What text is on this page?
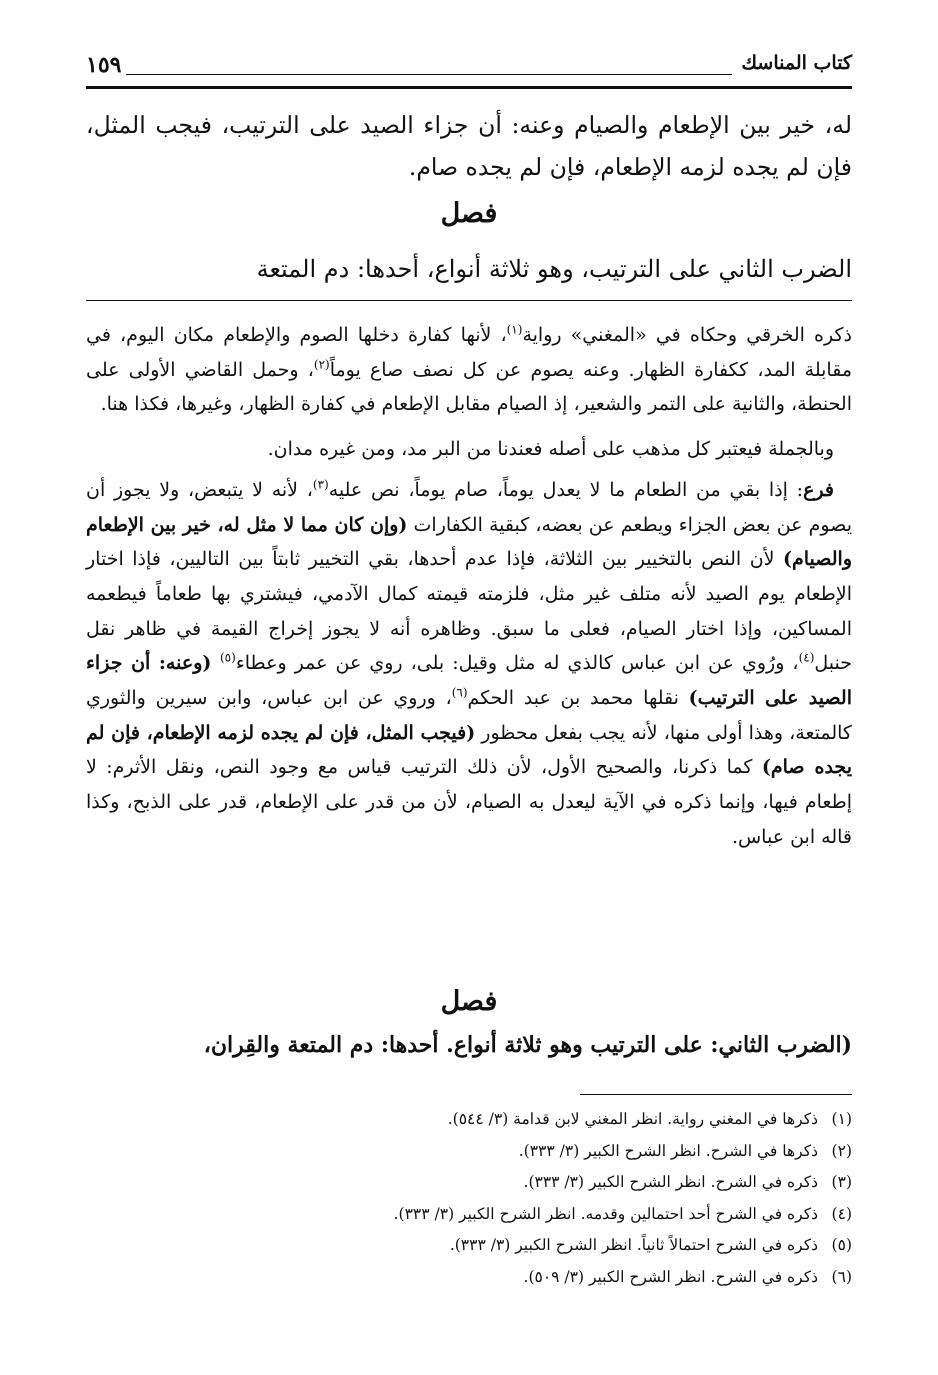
كتاب المناسك
١٥٩
له، خير بين الإطعام والصيام وعنه: أن جزاء الصيد على الترتيب، فيجب المثل، فإن لم يجده لزمه الإطعام، فإن لم يجده صام.
فصل
الضرب الثاني على الترتيب، وهو ثلاثة أنواع، أحدها: دم المتعة

ذكره الخرقي وحكاه في «المغني» رواية$^{(١)}$، لأنها كفارة دخلها الصوم والإطعام مكان اليوم، في مقابلة المد، ككفارة الظهار. وعنه يصوم عن كل نصف صاع يوماً$^{(٢)}$، وحمل القاضي الأولى على الحنطة، والثانية على التمر والشعير، إذ الصيام مقابل الإطعام في كفارة الظهار، وغيرها، فكذا هنا.

وبالجملة فيعتبر كل مذهب على أصله فعندنا من البر مد، ومن غيره مدان.

فرع: إذا بقي من الطعام ما لا يعدل يوماً، صام يوماً، نص عليه$^{(٣)}$، لأنه لا يتبعض، ولا يجوز أن يصوم عن بعض الجزاء ويطعم عن بعضه، كبقية الكفارات (وإن كان مما لا مثل له، خير بين الإطعام والصيام) لأن النص بالتخيير بين الثلاثة، فإذا عدم أحدها، بقي التخيير ثابتاً بين التاليين، فإذا اختار الإطعام يوم الصيد لأنه متلف غير مثل، فلزمته قيمته كمال الآدمي، فيشتري بها طعاماً فيطعمه المساكين، وإذا اختار الصيام، فعلى ما سبق. وظاهره أنه لا يجوز إخراج القيمة في ظاهر نقل حنبل$^{(٤)}$، ورُوي عن ابن عباس كالذي له مثل وقيل: بلى، روي عن عمر وعطاء$^{(٥)}$ (وعنه: أن جزاء الصيد على الترتيب) نقلها محمد بن عبد الحكم$^{(٦)}$، وروي عن ابن عباس، وابن سيرين والثوري كالمتعة، وهذا أولى منها، لأنه يجب بفعل محظور (فيجب المثل، فإن لم يجده لزمه الإطعام، فإن لم يجده صام) كما ذكرنا، والصحيح الأول، لأن ذلك الترتيب قياس مع وجود النص، ونقل الأثرم: لا إطعام فيها، وإنما ذكره في الآية ليعدل به الصيام، لأن من قدر على الإطعام، قدر على الذبح، وكذا قاله ابن عباس.

فصل
(الضرب الثاني: على الترتيب وهو ثلاثة أنواع. أحدها: دم المتعة والقِران،
(١)ذكرها في المغني رواية. انظر المغني لابن قدامة (٣/ ٥٤٤).
(٢)ذكرها في الشرح. انظر الشرح الكبير (٣/ ٣٣٣).
(٣)ذكره في الشرح. انظر الشرح الكبير (٣/ ٣٣٣).
(٤)ذكره في الشرح أحد احتمالين وقدمه. انظر الشرح الكبير (٣/ ٣٣٣).
(٥)ذكره في الشرح احتمالاً ثانياً. انظر الشرح الكبير (٣/ ٣٣٣).
(٦)ذكره في الشرح. انظر الشرح الكبير (٣/ ٥٠٩).
